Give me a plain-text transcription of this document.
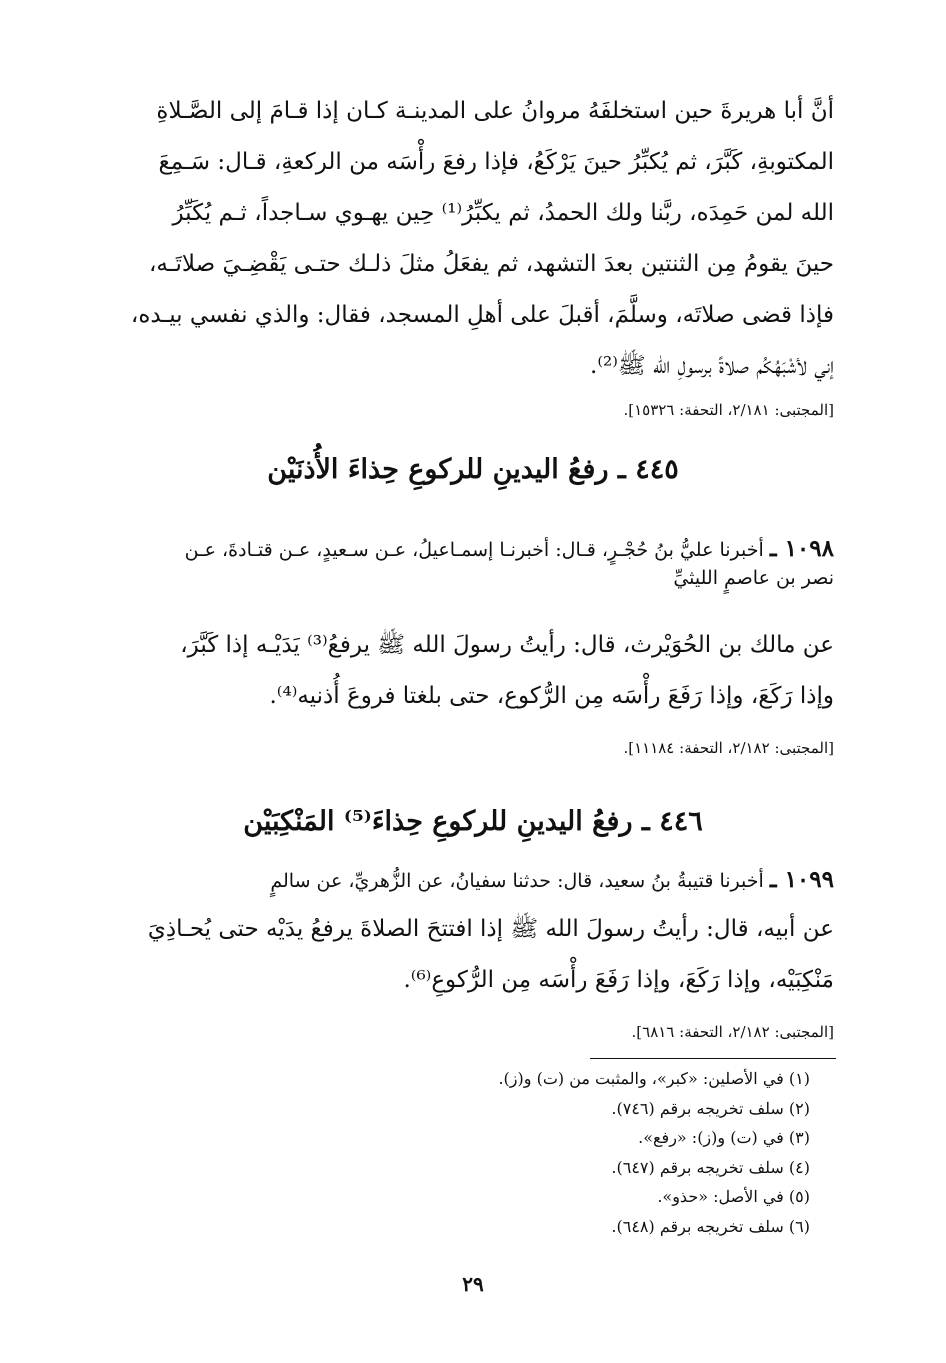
أنَّ أبا هريرةَ حين استخلفَهُ مروانُ على المدينـة كـان إذا قـامَ إلى الصَّـلاةِ
المكتوبةِ، كَبَّرَ، ثم يُكبِّرُ حينَ يَرْكَعُ، فإذا رفعَ رأْسَه من الركعةِ، قـال: سَـمِعَ
الله لمن حَمِدَه، ربَّنا ولك الحمدُ، ثم يكبِّرُ⁽¹⁾ حِين يهـوي سـاجداً، ثـم يُكَبِّرُ
حينَ يقومُ مِن الثنتين بعدَ التشهد، ثم يفعَلُ مثلَ ذلـك حتـى يَقْضِـيَ صلاتَـه،
فإذا قضى صلاتَه، وسلَّمَ، أقبلَ على أهلِ المسجد، فقال: والذي نفسي بيـده،
إني لأشْبَهُكُم صلاةً برسولِ الله ﷺ⁽²⁾.

[المجتبى: ٢/١٨١، التحفة: ١٥٣٢٦].

٤٤٥ ـ رفعُ اليدينِ للركوعِ حِذاءَ الأُذنَيْن
١٠٩٨ ـ أخبرنا عليُّ بنُ حُجْـرٍ، قـال: أخبرنـا إسمـاعيلُ، عـن سـعيدٍ، عـن قتـادةَ، عـن
نصر بن عاصمٍ الليثيِّ
عن مالك بن الحُوَيْرث، قال: رأيتُ رسولَ الله ﷺ يرفعُ⁽³⁾ يَدَيْـه إذا كَبَّرَ،
وإذا رَكَعَ، وإذا رَفَعَ رأْسَه مِن الرُّكوع، حتى بلغتا فروعَ أُذنيه⁽⁴⁾.

[المجتبى: ٢/١٨٢، التحفة: ١١١٨٤].

٤٤٦ ـ رفعُ اليدينِ للركوعِ حِذاءَ⁽⁵⁾ المَنْكِبَيْن
١٠٩٩ ـ أخبرنا قتيبةُ بنُ سعيد، قال: حدثنا سفيانُ، عن الزُّهريِّ، عن سالمٍ
عن أبيه، قال: رأيتُ رسولَ الله ﷺ إذا افتتحَ الصلاةَ يرفعُ يدَيْه حتى يُحـاذِيَ
مَنْكِبَيْه، وإذا رَكَعَ، وإذا رَفَعَ رأْسَه مِن الرُّكوعِ⁽⁶⁾.

[المجتبى: ٢/١٨٢، التحفة: ٦٨١٦].

(١) في الأصلين: «كبر»، والمثبت من (ت) و(ز).
(٢) سلف تخريجه برقم (٧٤٦).
(٣) في (ت) و(ز): «رفع».
(٤) سلف تخريجه برقم (٦٤٧).
(٥) في الأصل: «حذو».
(٦) سلف تخريجه برقم (٦٤٨).
٢٩
